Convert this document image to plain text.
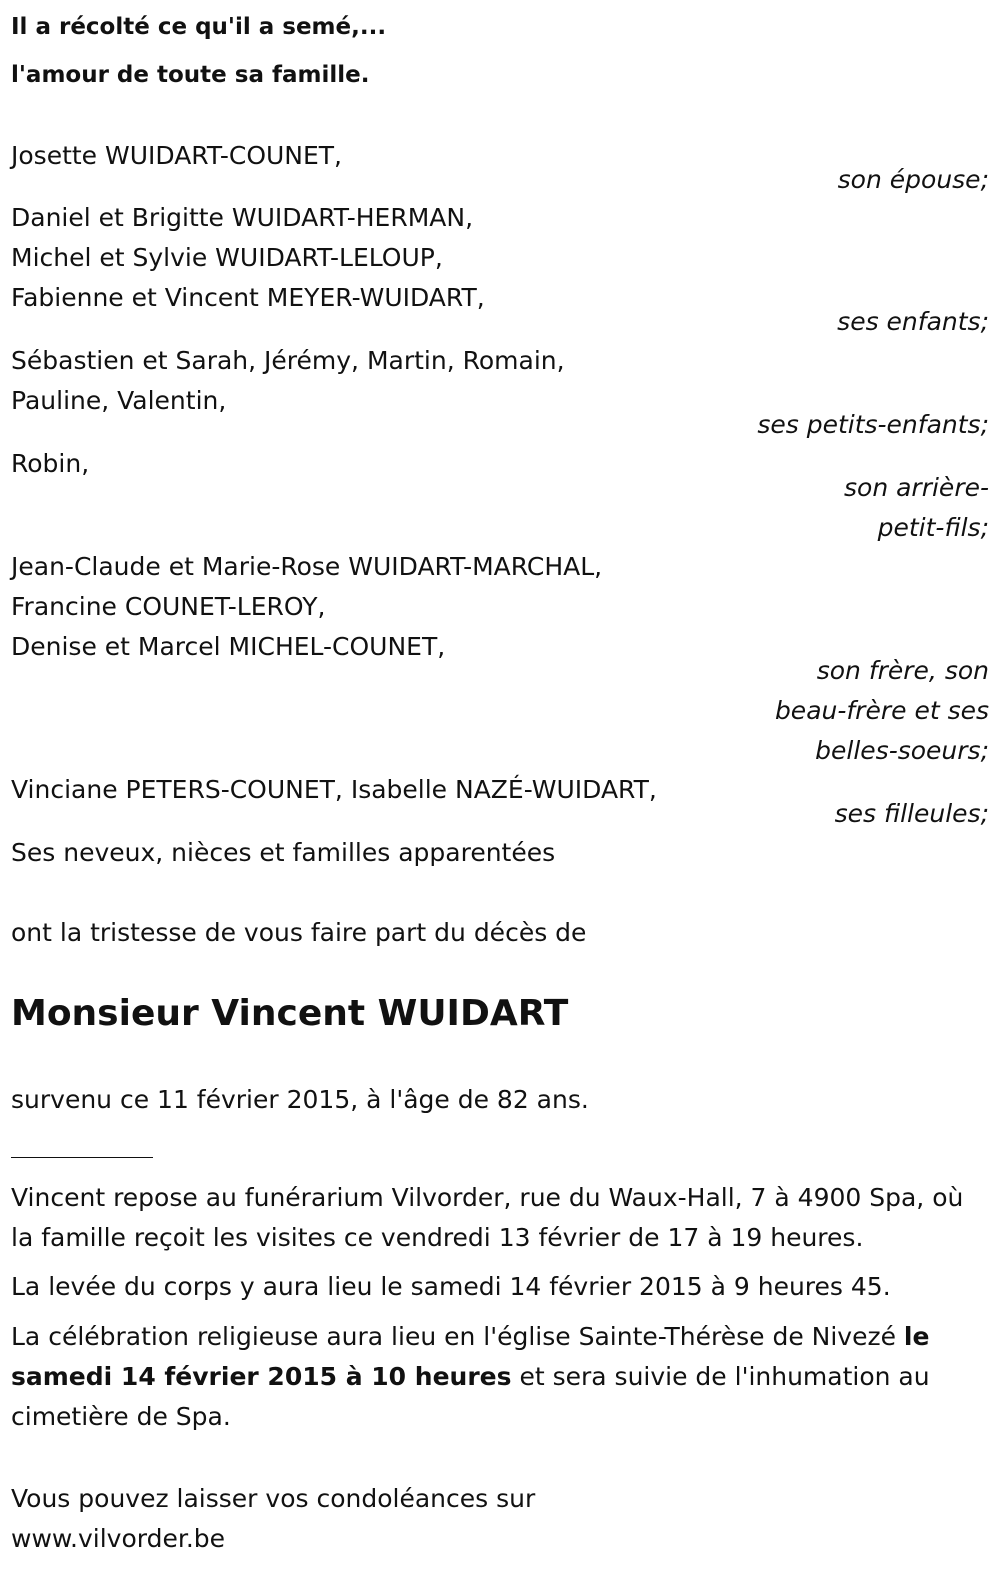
Il a récolté ce qu'il a semé,...
l'amour de toute sa famille.
Josette WUIDART-COUNET,
son épouse;
Daniel et Brigitte WUIDART-HERMAN,
Michel et Sylvie WUIDART-LELOUP,
Fabienne et Vincent MEYER-WUIDART,
ses enfants;
Sébastien et Sarah, Jérémy, Martin, Romain,
Pauline, Valentin,
ses petits-enfants;
Robin,
son arrière-
petit-fils;
Jean-Claude et Marie-Rose WUIDART-MARCHAL,
Francine COUNET-LEROY,
Denise et Marcel MICHEL-COUNET,
son frère, son
beau-frère et ses
belles-soeurs;
Vinciane PETERS-COUNET, Isabelle NAZÉ-WUIDART,
ses filleules;
Ses neveux, nièces et familles apparentées
ont la tristesse de vous faire part du décès de
Monsieur Vincent WUIDART
survenu ce 11 février 2015, à l'âge de 82 ans.
Vincent repose au funérarium Vilvorder, rue du Waux-Hall, 7 à 4900 Spa, où la famille reçoit les visites ce vendredi 13 février de 17 à 19 heures.
La levée du corps y aura lieu le samedi 14 février 2015 à 9 heures 45.
La célébration religieuse aura lieu en l'église Sainte-Thérèse de Nivezé le samedi 14 février 2015 à 10 heures et sera suivie de l'inhumation au cimetière de Spa.
Vous pouvez laisser vos condoléances sur
www.vilvorder.be
